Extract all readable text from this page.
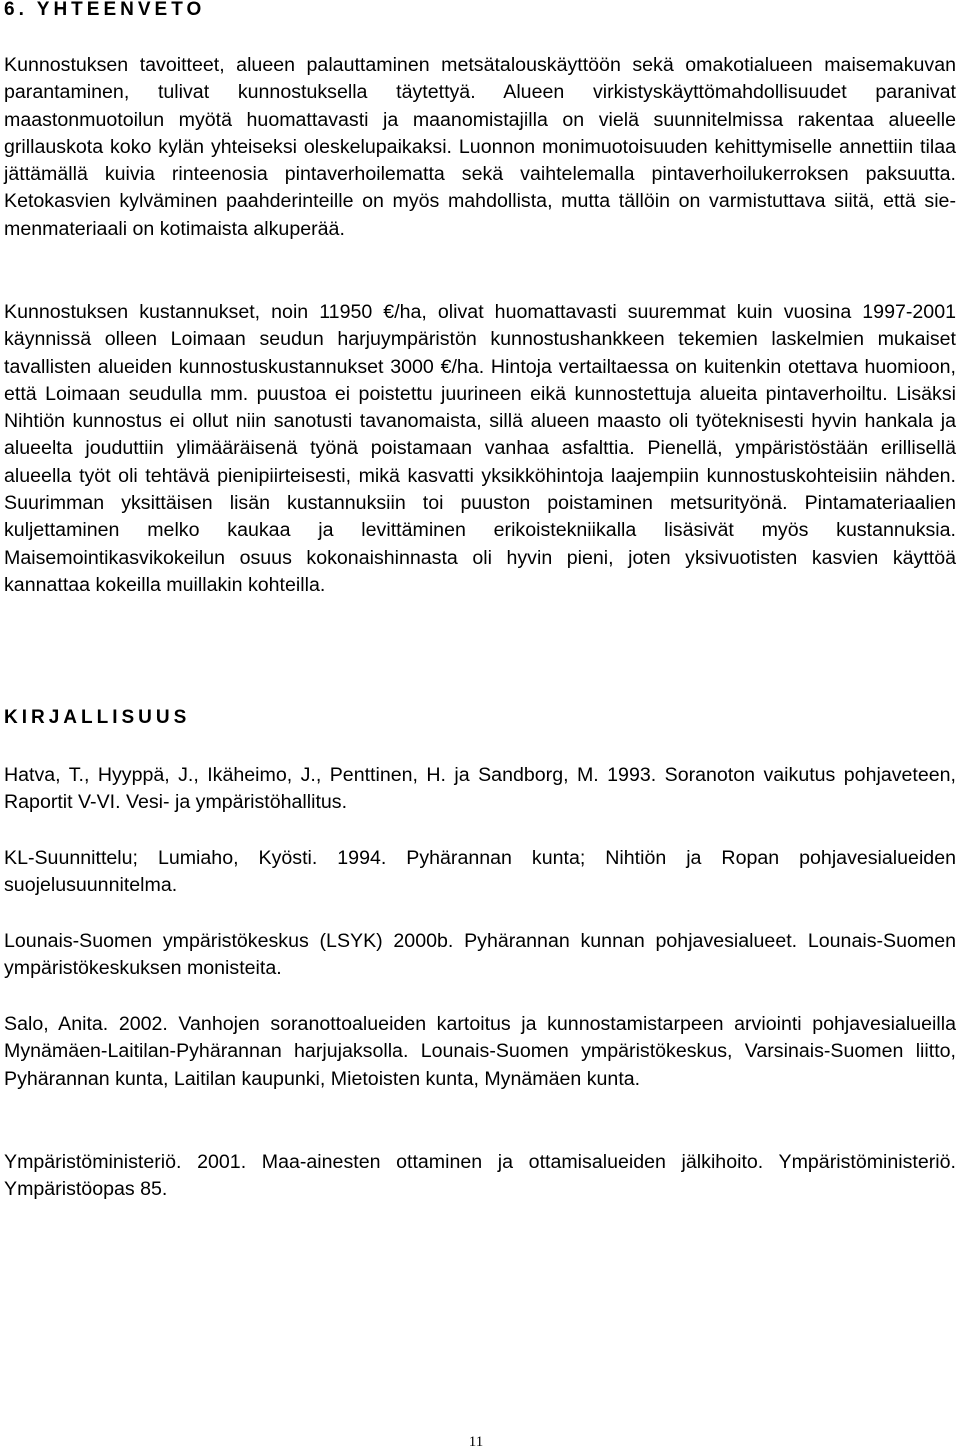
6. YHTEENVETO

Kunnostuksen tavoitteet, alueen palauttaminen metsätalouskäyttöön sekä omakotialueen maisemakuvan parantaminen, tulivat kunnostuksella täytettyä. Alueen virkistyskäyttömahdollisuudet paranivat maastonmuotoilun myötä huomattavasti ja maanomistajilla on vielä suunnitelmissa rakentaa alueelle grillauskota koko kylän yhteiseksi oleskelupaikaksi. Luonnon monimuotoisuuden kehittymiselle annettiin tilaa jättämällä kuivia rinteenosia pintaverhoilematta sekä vaihtelemalla pintaverhoilukerroksen paksuutta. Ketokasvien kylväminen paahderinteille on myös mahdollista, mutta tällöin on varmistuttava siitä, että siemenmateriaali on kotimaista alkuperää.

Kunnostuksen kustannukset, noin 11950 €/ha, olivat huomattavasti suuremmat kuin vuosina 1997-2001 käynnissä olleen Loimaan seudun harjuympäristön kunnostushankkeen tekemien laskelmien mukaiset tavallisten alueiden kunnostuskustannukset 3000 €/ha. Hintoja vertailtaessa on kuitenkin otettava huomioon, että Loimaan seudulla mm. puustoa ei poistettu juurineen eikä kunnostettuja alueita pintaverhoiltu. Lisäksi Nihtiön kunnostus ei ollut niin sanotusti tavanomaista, sillä alueen maasto oli työteknisesti hyvin hankala ja alueelta jouduttiin ylimääräisenä työnä poistamaan vanhaa asfalttia. Pienellä, ympäristöstään erillisellä alueella työt oli tehtävä pienipiirteisesti, mikä kasvatti yksikköhintoja laajempiin kunnostuskohteisiin nähden. Suurimman yksittäisen lisän kustannuksiin toi puuston poistaminen metsurityönä. Pintamateriaalien kuljettaminen melko kaukaa ja levittäminen erikoistekniikalla lisäsivät myös kustannuksia. Maisemointikasvikokeilun osuus kokonaishinnasta oli hyvin pieni, joten yksivuotisten kasvien käyttöä kannattaa kokeilla muillakin kohteilla.

KIRJALLISUUS

Hatva, T., Hyyppä, J., Ikäheimo, J., Penttinen, H. ja Sandborg, M. 1993. Soranoton vaikutus pohjaveteen, Raportit V-VI. Vesi- ja ympäristöhallitus.

KL-Suunnittelu; Lumiaho, Kyösti. 1994. Pyhärannan kunta; Nihtiön ja Ropan pohjavesialueiden suojelusuunnitelma.

Lounais-Suomen ympäristökeskus (LSYK) 2000b. Pyhärannan kunnan pohjavesialueet. Lounais-Suomen ympäristökeskuksen monisteita.

Salo, Anita. 2002. Vanhojen soranottoalueiden kartoitus ja kunnostamistarpeen arviointi pohjavesialueilla Mynämäen-Laitilan-Pyhärannan harjujaksolla. Lounais-Suomen ympäristökeskus, Varsinais-Suomen liitto, Pyhärannan kunta, Laitilan kaupunki, Mietoisten kunta, Mynämäen kunta.

Ympäristöministeriö. 2001. Maa-ainesten ottaminen ja ottamisalueiden jälkihoito. Ympäristöministeriö. Ympäristöopas 85.

11
